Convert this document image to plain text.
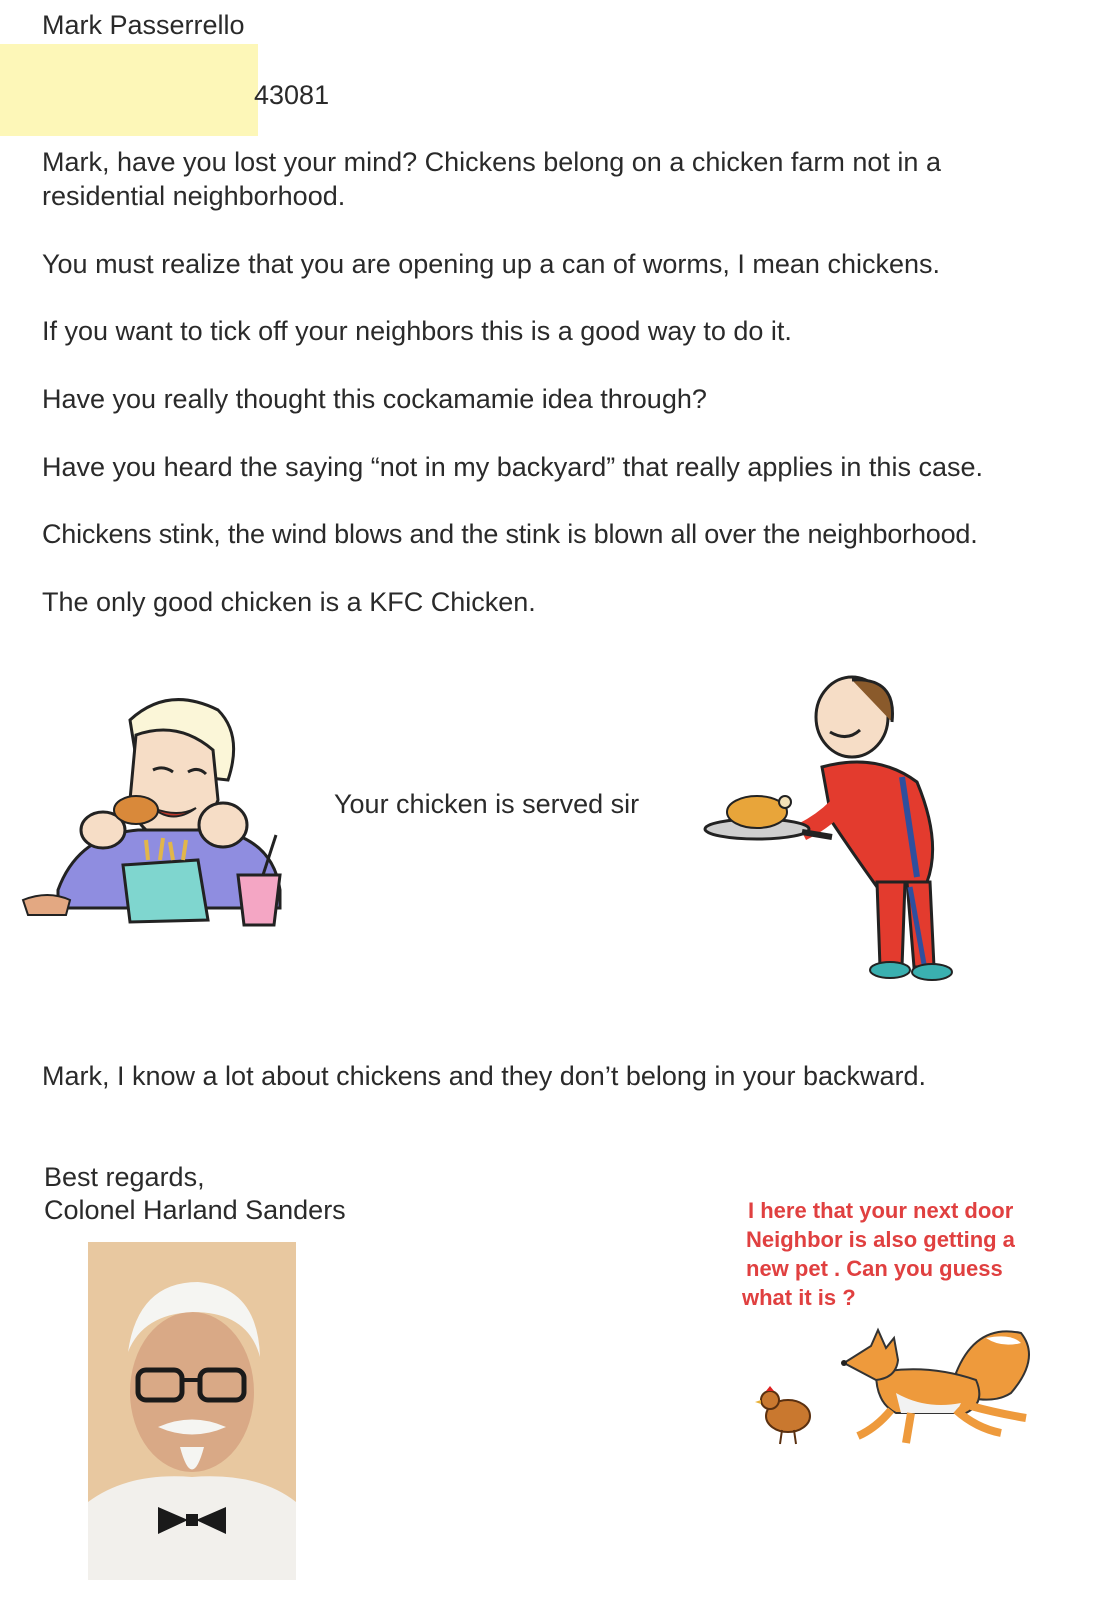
Mark Passerrello
43081
Mark, have you lost your mind? Chickens belong on a chicken farm not in a residential neighborhood.
You must realize that you are opening up a can of worms, I mean chickens.
If you want to tick off your neighbors this is a good way to do it.
Have you really thought this cockamamie idea through?
Have you heard the saying “not in my backyard” that really applies in this case.
Chickens stink, the wind blows and the stink is blown all over the neighborhood.
The only good chicken is a KFC Chicken.
Your chicken is served sir
Mark, I know a lot about chickens and they don’t belong in your backward.
Best regards,
Colonel Harland Sanders	I here that your next door
Neighbor is also getting a
new pet . Can you guess
what it is ?
